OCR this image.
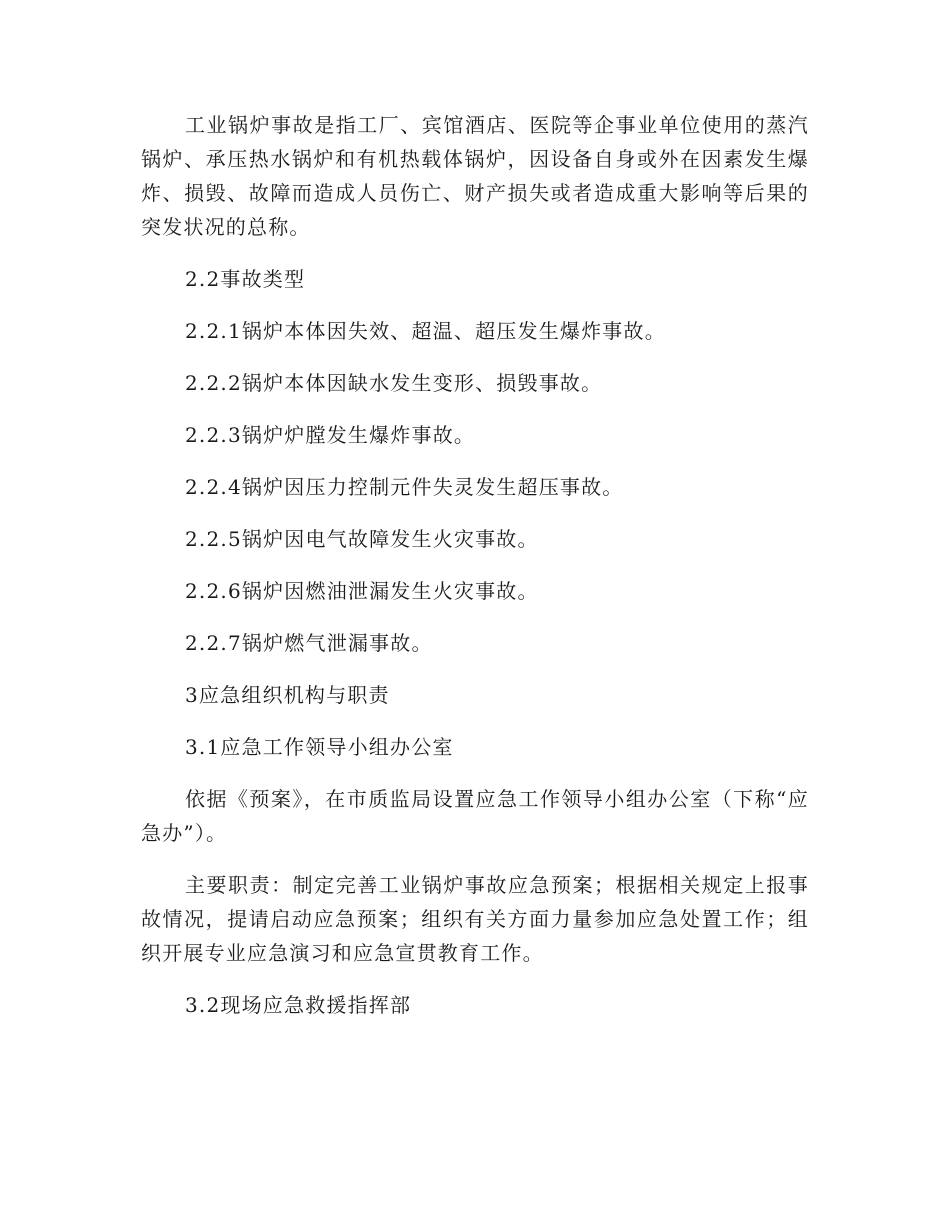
工业锅炉事故是指工厂、宾馆酒店、医院等企事业单位使用的蒸汽锅炉、承压热水锅炉和有机热载体锅炉，因设备自身或外在因素发生爆炸、损毁、故障而造成人员伤亡、财产损失或者造成重大影响等后果的突发状况的总称。

2.2事故类型

2.2.1锅炉本体因失效、超温、超压发生爆炸事故。

2.2.2锅炉本体因缺水发生变形、损毁事故。

2.2.3锅炉炉膛发生爆炸事故。

2.2.4锅炉因压力控制元件失灵发生超压事故。

2.2.5锅炉因电气故障发生火灾事故。

2.2.6锅炉因燃油泄漏发生火灾事故。

2.2.7锅炉燃气泄漏事故。

3应急组织机构与职责

3.1应急工作领导小组办公室

依据《预案》，在市质监局设置应急工作领导小组办公室（下称“应急办”）。

主要职责：制定完善工业锅炉事故应急预案；根据相关规定上报事故情况，提请启动应急预案；组织有关方面力量参加应急处置工作；组织开展专业应急演习和应急宣贯教育工作。

3.2现场应急救援指挥部
